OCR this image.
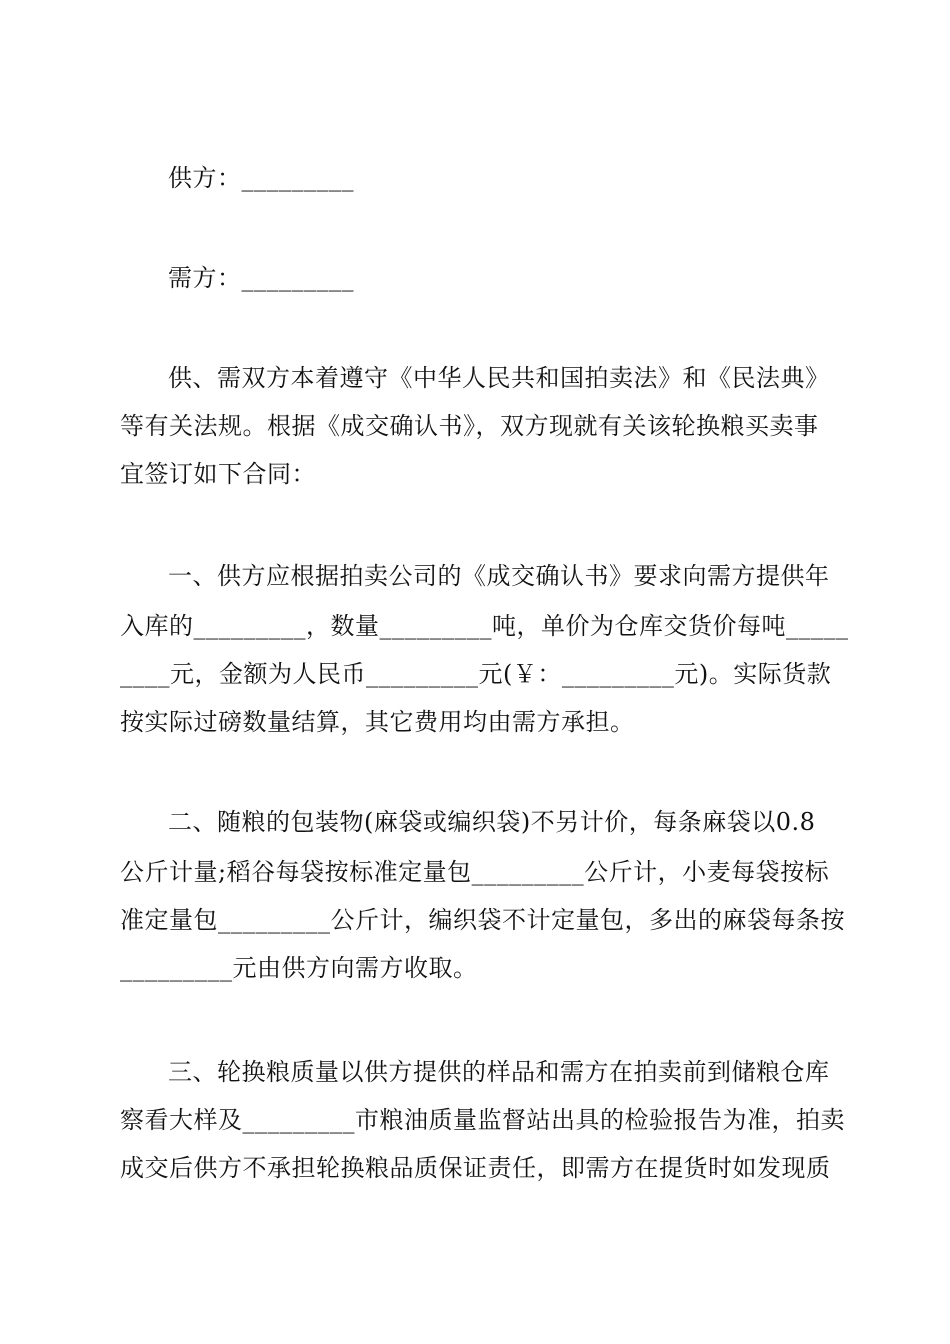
供方：_________
需方：_________
供、需双方本着遵守《中华人民共和国拍卖法》和《民法典》
等有关法规。根据《成交确认书》，双方现就有关该轮换粮买卖事
宜签订如下合同：
一、供方应根据拍卖公司的《成交确认书》要求向需方提供年
入库的_________，数量_________吨，单价为仓库交货价每吨_____
____元，金额为人民币_________元(￥：_________元)。实际货款
按实际过磅数量结算，其它费用均由需方承担。
二、随粮的包装物(麻袋或编织袋)不另计价，每条麻袋以0.8
公斤计量;稻谷每袋按标准定量包_________公斤计，小麦每袋按标
准定量包_________公斤计，编织袋不计定量包，多出的麻袋每条按
_________元由供方向需方收取。
三、轮换粮质量以供方提供的样品和需方在拍卖前到储粮仓库
察看大样及_________市粮油质量监督站出具的检验报告为准，拍卖
成交后供方不承担轮换粮品质保证责任，即需方在提货时如发现质
